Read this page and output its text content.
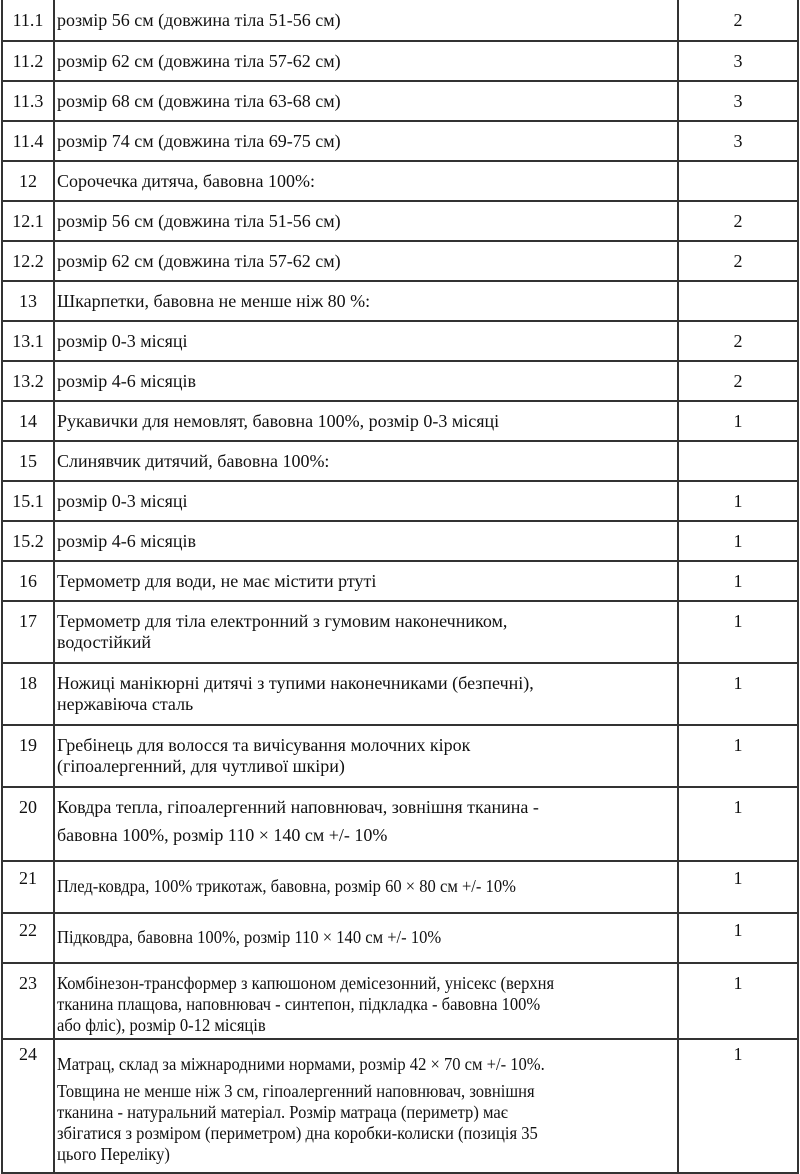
11.1	розмір 56 см (довжина тіла 51-56 см)	2
11.2	розмір 62 см (довжина тіла 57-62 см)	3
11.3	розмір 68 см (довжина тіла 63-68 см)	3
11.4	розмір 74 см (довжина тіла 69-75 см)	3
12	Сорочечка дитяча, бавовна 100%:	
12.1	розмір 56 см (довжина тіла 51-56 см)	2
12.2	розмір 62 см (довжина тіла 57-62 см)	2
13	Шкарпетки, бавовна не менше ніж 80 %:	
13.1	розмір 0-3 місяці	2
13.2	розмір 4-6 місяців	2
14	Рукавички для немовлят, бавовна 100%, розмір 0-3 місяці	1
15	Слинявчик дитячий, бавовна 100%:	
15.1	розмір 0-3 місяці	1
15.2	розмір 4-6 місяців	1
16	Термометр для води, не має містити ртуті	1
17	Термометр для тіла електронний з гумовим наконечником,
водостійкий	1
18	Ножиці манікюрні дитячі з тупими наконечниками (безпечні),
нержавіюча сталь	1
19	Гребінець для волосся та вичісування молочних кірок
(гіпоалергенний, для чутливої шкіри)	1
20	Ковдра тепла, гіпоалергенний наповнювач, зовнішня тканина -
бавовна 100%, розмір 110 × 140 см +/- 10%	1
21	Плед-ковдра, 100% трикотаж, бавовна, розмір 60 × 80 см +/- 10%	1
22	Підковдра, бавовна 100%, розмір 110 × 140 см +/- 10%	1
23	Комбінезон-трансформер з капюшоном демісезонний, унісекс (верхня
тканина плащова, наповнювач - синтепон, підкладка - бавовна 100%
або фліс), розмір 0-12 місяців	1
24	Матрац, склад за міжнародними нормами, розмір 42 × 70 см +/- 10%.
Товщина не менше ніж 3 см, гіпоалергенний наповнювач, зовнішня
тканина - натуральний матеріал. Розмір матраца (периметр) має
збігатися з розміром (периметром) дна коробки-колиски (позиція 35
цього Переліку)	1
